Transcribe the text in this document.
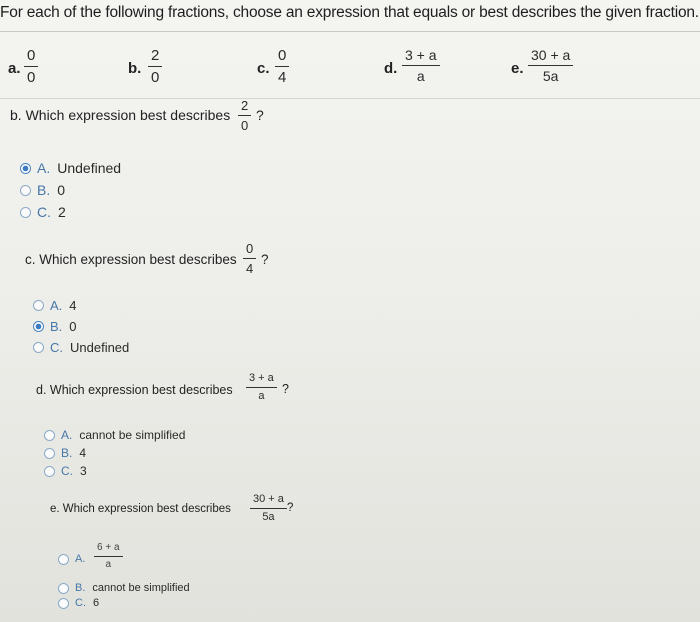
For each of the following fractions, choose an expression that equals or best describes the given fraction.
a.
0
0
b.
2
0
c.
0
4
d.
3 + a
a	e.
30 + a
5a
b. Which expression best describes
2
0
?
A. Undefined
B. 0
C. 2
c. Which expression best describes
0
4
?
A. 4
B. 0
C. Undefined
d. Which expression best describes
3 + a
a ?
A. cannot be simplified
B. 4
C. 3
e. Which expression best describes
30 + a
5a
?
A.
6 + a
a
B. cannot be simplified
C. 6
